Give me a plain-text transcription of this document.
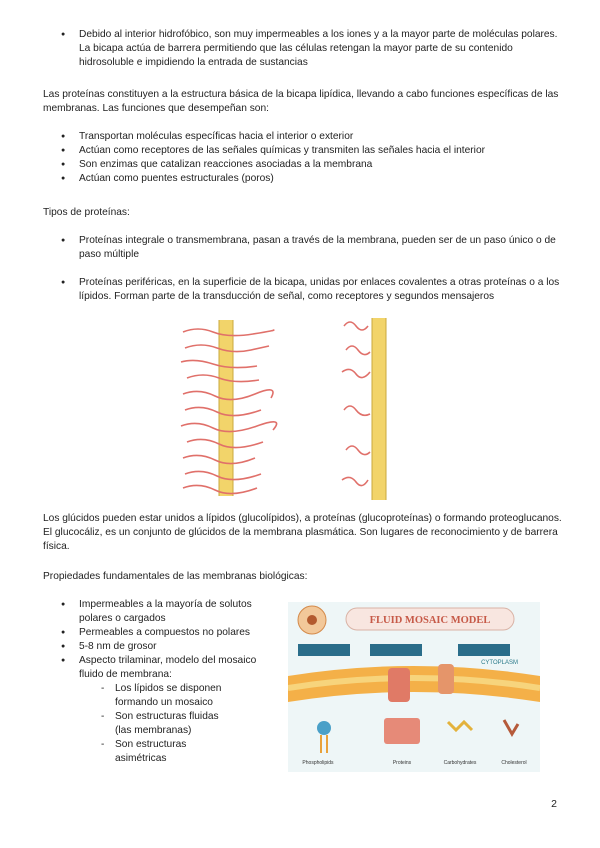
● Debido al interior hidrofóbico, son muy impermeables a los iones y a la mayor parte de moléculas polares. La bicapa actúa de barrera permitiendo que las células retengan la mayor parte de su contenido hidrosoluble e impidiendo la entrada de sustancias

Las proteínas constituyen a la estructura básica de la bicapa lipídica, llevando a cabo funciones específicas de las membranas. Las funciones que desempeñan son:

● Transportan moléculas específicas hacia el interior o exterior
● Actúan como receptores de las señales químicas y transmiten las señales hacia el interior
● Son enzimas que catalizan reacciones asociadas a la membrana
● Actúan como puentes estructurales (poros)

Tipos de proteínas:

● Proteínas integrale o transmembrana, pasan a través de la membrana, pueden ser de un paso único o de paso múltiple
● Proteínas periféricas, en la superficie de la bicapa, unidas por enlaces covalentes a otras proteínas o a los lípidos. Forman parte de la transducción de señal, como receptores y segundos mensajeros

Los glúcidos pueden estar unidos a lípidos (glucolípidos), a proteínas (glucoproteínas) o formando proteoglucanos. El glucocáliz, es un conjunto de glúcidos de la membrana plasmática. Son lugares de reconocimiento y de barrera física.

Propiedades fundamentales de las membranas biológicas:

● Impermeables a la mayoría de solutos polares o cargados
● Permeables a compuestos no polares
● 5-8 nm de grosor
● Aspecto trilaminar, modelo del mosaico fluido de membrana:
- Los lípidos se disponen formando un mosaico
- Son estructuras fluidas (las membranas)
- Son estructuras asimétricas
FLUID MOSAIC MODEL
CYTOPLASM
Phospholipids	Proteins	Carbohydrates	Cholesterol
2
